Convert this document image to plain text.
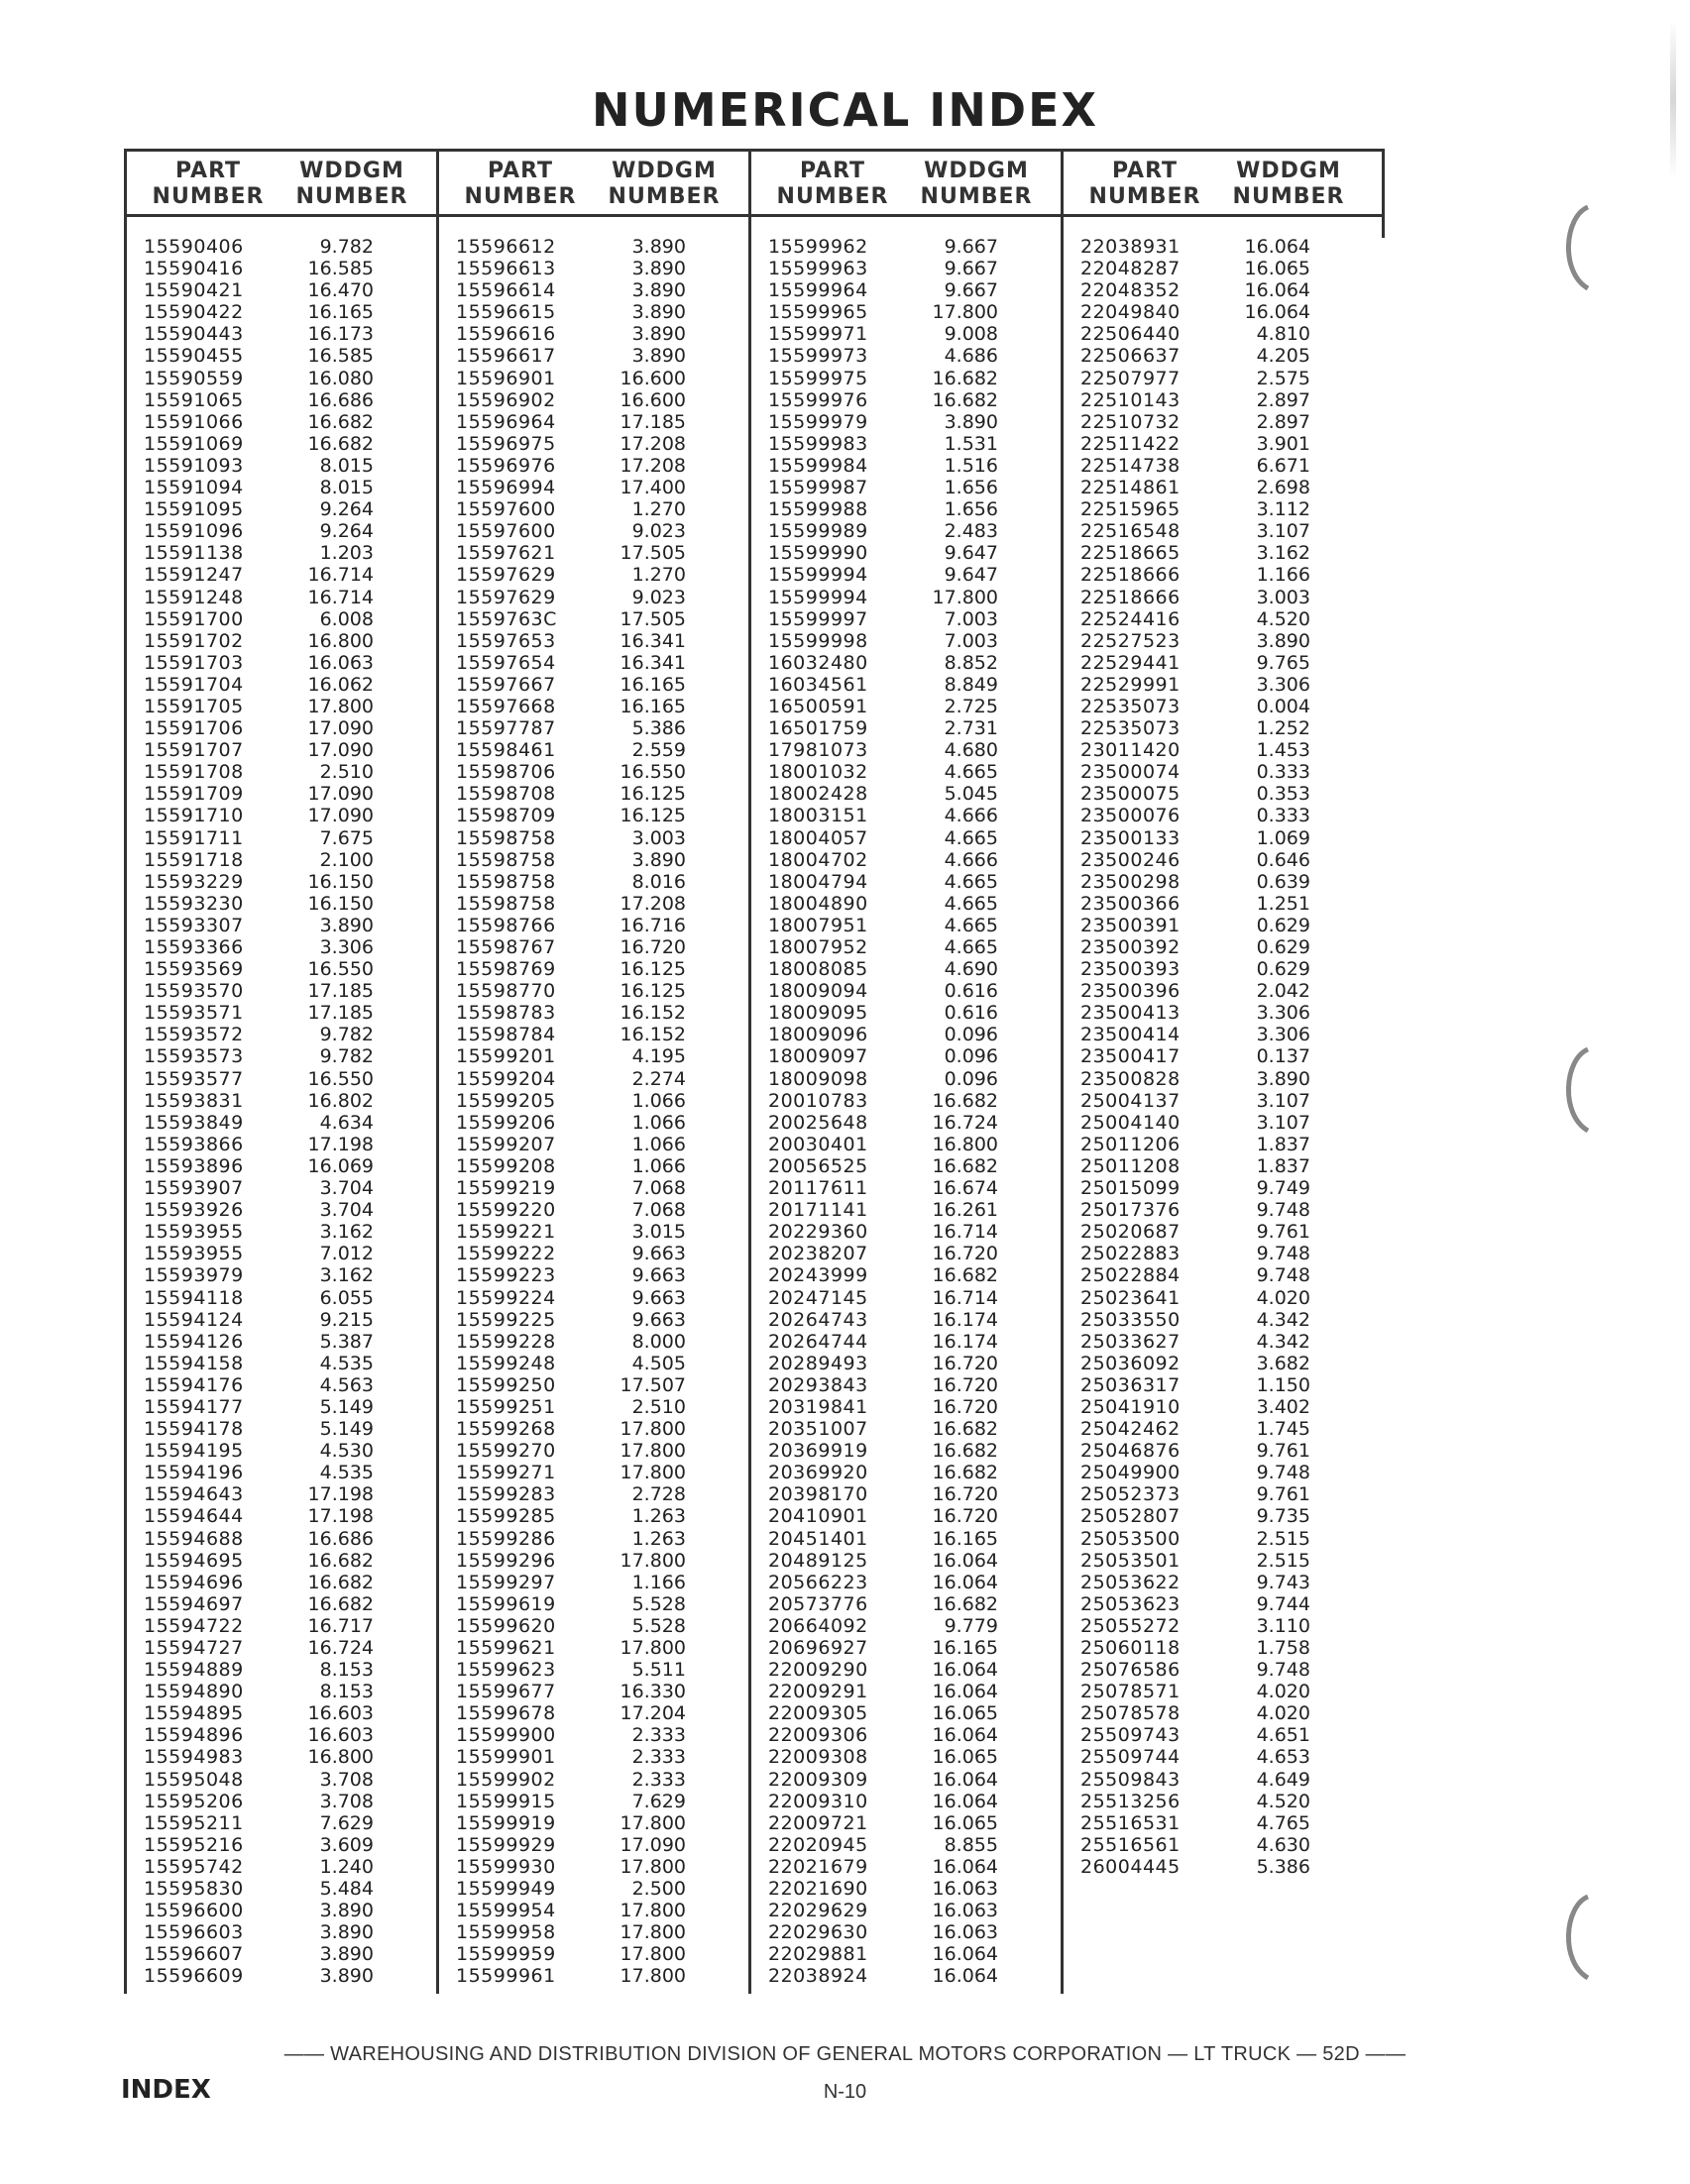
NUMERICAL INDEX
PART
NUMBER
WDDGM
NUMBER
15590406	9.782
15590416	16.585
15590421	16.470
15590422	16.165
15590443	16.173
15590455	16.585
15590559	16.080
15591065	16.686
15591066	16.682
15591069	16.682
15591093	8.015
15591094	8.015
15591095	9.264
15591096	9.264
15591138	1.203
15591247	16.714
15591248	16.714
15591700	6.008
15591702	16.800
15591703	16.063
15591704	16.062
15591705	17.800
15591706	17.090
15591707	17.090
15591708	2.510
15591709	17.090
15591710	17.090
15591711	7.675
15591718	2.100
15593229	16.150
15593230	16.150
15593307	3.890
15593366	3.306
15593569	16.550
15593570	17.185
15593571	17.185
15593572	9.782
15593573	9.782
15593577	16.550
15593831	16.802
15593849	4.634
15593866	17.198
15593896	16.069
15593907	3.704
15593926	3.704
15593955	3.162
15593955	7.012
15593979	3.162
15594118	6.055
15594124	9.215
15594126	5.387
15594158	4.535
15594176	4.563
15594177	5.149
15594178	5.149
15594195	4.530
15594196	4.535
15594643	17.198
15594644	17.198
15594688	16.686
15594695	16.682
15594696	16.682
15594697	16.682
15594722	16.717
15594727	16.724
15594889	8.153
15594890	8.153
15594895	16.603
15594896	16.603
15594983	16.800
15595048	3.708
15595206	3.708
15595211	7.629
15595216	3.609
15595742	1.240
15595830	5.484
15596600	3.890
15596603	3.890
15596607	3.890
15596609	3.890
PART
NUMBER
WDDGM
NUMBER
15596612	3.890
15596613	3.890
15596614	3.890
15596615	3.890
15596616	3.890
15596617	3.890
15596901	16.600
15596902	16.600
15596964	17.185
15596975	17.208
15596976	17.208
15596994	17.400
15597600	1.270
15597600	9.023
15597621	17.505
15597629	1.270
15597629	9.023
1559763C	17.505
15597653	16.341
15597654	16.341
15597667	16.165
15597668	16.165
15597787	5.386
15598461	2.559
15598706	16.550
15598708	16.125
15598709	16.125
15598758	3.003
15598758	3.890
15598758	8.016
15598758	17.208
15598766	16.716
15598767	16.720
15598769	16.125
15598770	16.125
15598783	16.152
15598784	16.152
15599201	4.195
15599204	2.274
15599205	1.066
15599206	1.066
15599207	1.066
15599208	1.066
15599219	7.068
15599220	7.068
15599221	3.015
15599222	9.663
15599223	9.663
15599224	9.663
15599225	9.663
15599228	8.000
15599248	4.505
15599250	17.507
15599251	2.510
15599268	17.800
15599270	17.800
15599271	17.800
15599283	2.728
15599285	1.263
15599286	1.263
15599296	17.800
15599297	1.166
15599619	5.528
15599620	5.528
15599621	17.800
15599623	5.511
15599677	16.330
15599678	17.204
15599900	2.333
15599901	2.333
15599902	2.333
15599915	7.629
15599919	17.800
15599929	17.090
15599930	17.800
15599949	2.500
15599954	17.800
15599958	17.800
15599959	17.800
15599961	17.800
PART
NUMBER
WDDGM
NUMBER
15599962	9.667
15599963	9.667
15599964	9.667
15599965	17.800
15599971	9.008
15599973	4.686
15599975	16.682
15599976	16.682
15599979	3.890
15599983	1.531
15599984	1.516
15599987	1.656
15599988	1.656
15599989	2.483
15599990	9.647
15599994	9.647
15599994	17.800
15599997	7.003
15599998	7.003
16032480	8.852
16034561	8.849
16500591	2.725
16501759	2.731
17981073	4.680
18001032	4.665
18002428	5.045
18003151	4.666
18004057	4.665
18004702	4.666
18004794	4.665
18004890	4.665
18007951	4.665
18007952	4.665
18008085	4.690
18009094	0.616
18009095	0.616
18009096	0.096
18009097	0.096
18009098	0.096
20010783	16.682
20025648	16.724
20030401	16.800
20056525	16.682
20117611	16.674
20171141	16.261
20229360	16.714
20238207	16.720
20243999	16.682
20247145	16.714
20264743	16.174
20264744	16.174
20289493	16.720
20293843	16.720
20319841	16.720
20351007	16.682
20369919	16.682
20369920	16.682
20398170	16.720
20410901	16.720
20451401	16.165
20489125	16.064
20566223	16.064
20573776	16.682
20664092	9.779
20696927	16.165
22009290	16.064
22009291	16.064
22009305	16.065
22009306	16.064
22009308	16.065
22009309	16.064
22009310	16.064
22009721	16.065
22020945	8.855
22021679	16.064
22021690	16.063
22029629	16.063
22029630	16.063
22029881	16.064
22038924	16.064
PART
NUMBER
WDDGM
NUMBER
22038931	16.064
22048287	16.065
22048352	16.064
22049840	16.064
22506440	4.810
22506637	4.205
22507977	2.575
22510143	2.897
22510732	2.897
22511422	3.901
22514738	6.671
22514861	2.698
22515965	3.112
22516548	3.107
22518665	3.162
22518666	1.166
22518666	3.003
22524416	4.520
22527523	3.890
22529441	9.765
22529991	3.306
22535073	0.004
22535073	1.252
23011420	1.453
23500074	0.333
23500075	0.353
23500076	0.333
23500133	1.069
23500246	0.646
23500298	0.639
23500366	1.251
23500391	0.629
23500392	0.629
23500393	0.629
23500396	2.042
23500413	3.306
23500414	3.306
23500417	0.137
23500828	3.890
25004137	3.107
25004140	3.107
25011206	1.837
25011208	1.837
25015099	9.749
25017376	9.748
25020687	9.761
25022883	9.748
25022884	9.748
25023641	4.020
25033550	4.342
25033627	4.342
25036092	3.682
25036317	1.150
25041910	3.402
25042462	1.745
25046876	9.761
25049900	9.748
25052373	9.761
25052807	9.735
25053500	2.515
25053501	2.515
25053622	9.743
25053623	9.744
25055272	3.110
25060118	1.758
25076586	9.748
25078571	4.020
25078578	4.020
25509743	4.651
25509744	4.653
25509843	4.649
25513256	4.520
25516531	4.765
25516561	4.630
26004445	5.386
—— WAREHOUSING AND DISTRIBUTION DIVISION OF GENERAL MOTORS CORPORATION — LT TRUCK — 52D ——
INDEX	N-10
